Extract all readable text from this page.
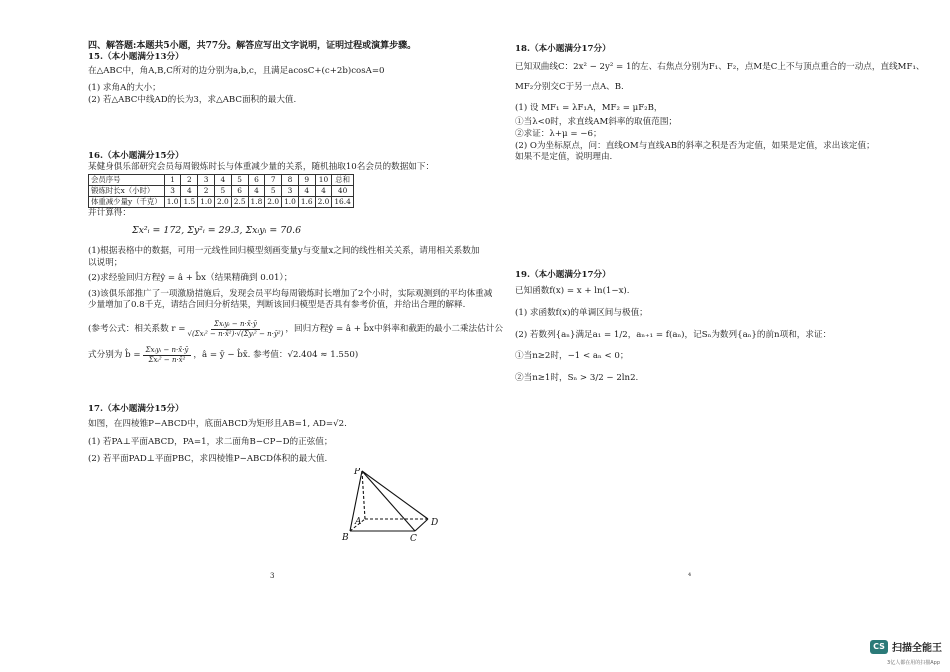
四、解答题:本题共5小题，共77分。解答应写出文字说明，证明过程或演算步骤。
15.（本小题满分13分）
在△ABC中，角A,B,C所对的边分别为a,b,c，且满足acosC+(c+2b)cosA=0
(1) 求角A的大小；
(2) 若△ABC中线AD的长为3，求△ABC面积的最大值.
16.（本小题满分15分）
某健身俱乐部研究会员每周锻炼时长与体重减少量的关系，随机抽取10名会员的数据如下：
会员序号	1	2	3	4	5	6	7	8	9	10	总和
锻炼时长x（小时）	3	4	2	5	6	4	5	3	4	4	40
体重减少量y（千克）	1.0	1.5	1.0	2.0	2.5	1.8	2.0	1.0	1.6	2.0	16.4
并计算得：
Σx²ᵢ = 172, Σy²ᵢ = 29.3, Σxᵢyᵢ = 70.6
(1)根据表格中的数据，可用一元线性回归模型刻画变量y与变量x之间的线性相关关系，请用相关系数加
以说明；
(2)求经验回归方程ŷ = â + b̂x（结果精确到 0.01）；
(3)该俱乐部推广了一项激励措施后，发现会员平均每周锻炼时长增加了2个小时，实际观测到的平均体重减
少量增加了0.8千克，请结合回归分析结果，判断该回归模型是否具有参考价值，并给出合理的解释.
(参考公式：相关系数 r =
Σxᵢyᵢ − n·x̄·ȳ
√(Σxᵢ² − n·x̄²)·√(Σyᵢ² − n·ȳ²)
，回归方程ŷ = â + b̂x中斜率和截距的最小二乘法估计公
式分别为 b̂ =
Σxᵢyᵢ − n·x̄·ȳ
Σxᵢ² − n·x̄²
，â = ȳ − b̂x̄. 参考值：√2.404 ≈ 1.550)
17.（本小题满分15分）
如图，在四棱锥P−ABCD中，底面ABCD为矩形且AB=1, AD=√2.
(1) 若PA⊥平面ABCD，PA=1，求二面角B−CP−D的正弦值；
(2) 若平面PAD⊥平面PBC，求四棱锥P−ABCD体积的最大值.
P
A
B	C
D
3
18.（本小题满分17分）
已知双曲线C：2x² − 2y² = 1的左、右焦点分别为F₁、F₂，点M是C上不与顶点重合的一动点，直线MF₁、
MF₂分别交C于另一点A、B.
(1) 设 MF₁ = λF₁A，MF₂ = μF₂B，
①当λ<0时，求直线AM斜率的取值范围；
②求证：λ+μ = −6；
(2) O为坐标原点，问：直线OM与直线AB的斜率之积是否为定值，如果是定值，求出该定值；
如果不是定值，说明理由.
19.（本小题满分17分）
已知函数f(x) = x + ln(1−x).
(1) 求函数f(x)的单调区间与极值；
(2) 若数列{aₙ}满足a₁ = 1/2，aₙ₊₁ = f(aₙ)，记Sₙ为数列{aₙ}的前n项和，求证：
①当n≥2时，−1 < aₙ < 0；
②当n≥1时，Sₙ > 3/2 − 2ln2.
4
CS 扫描全能王
3亿人都在用的扫描App
